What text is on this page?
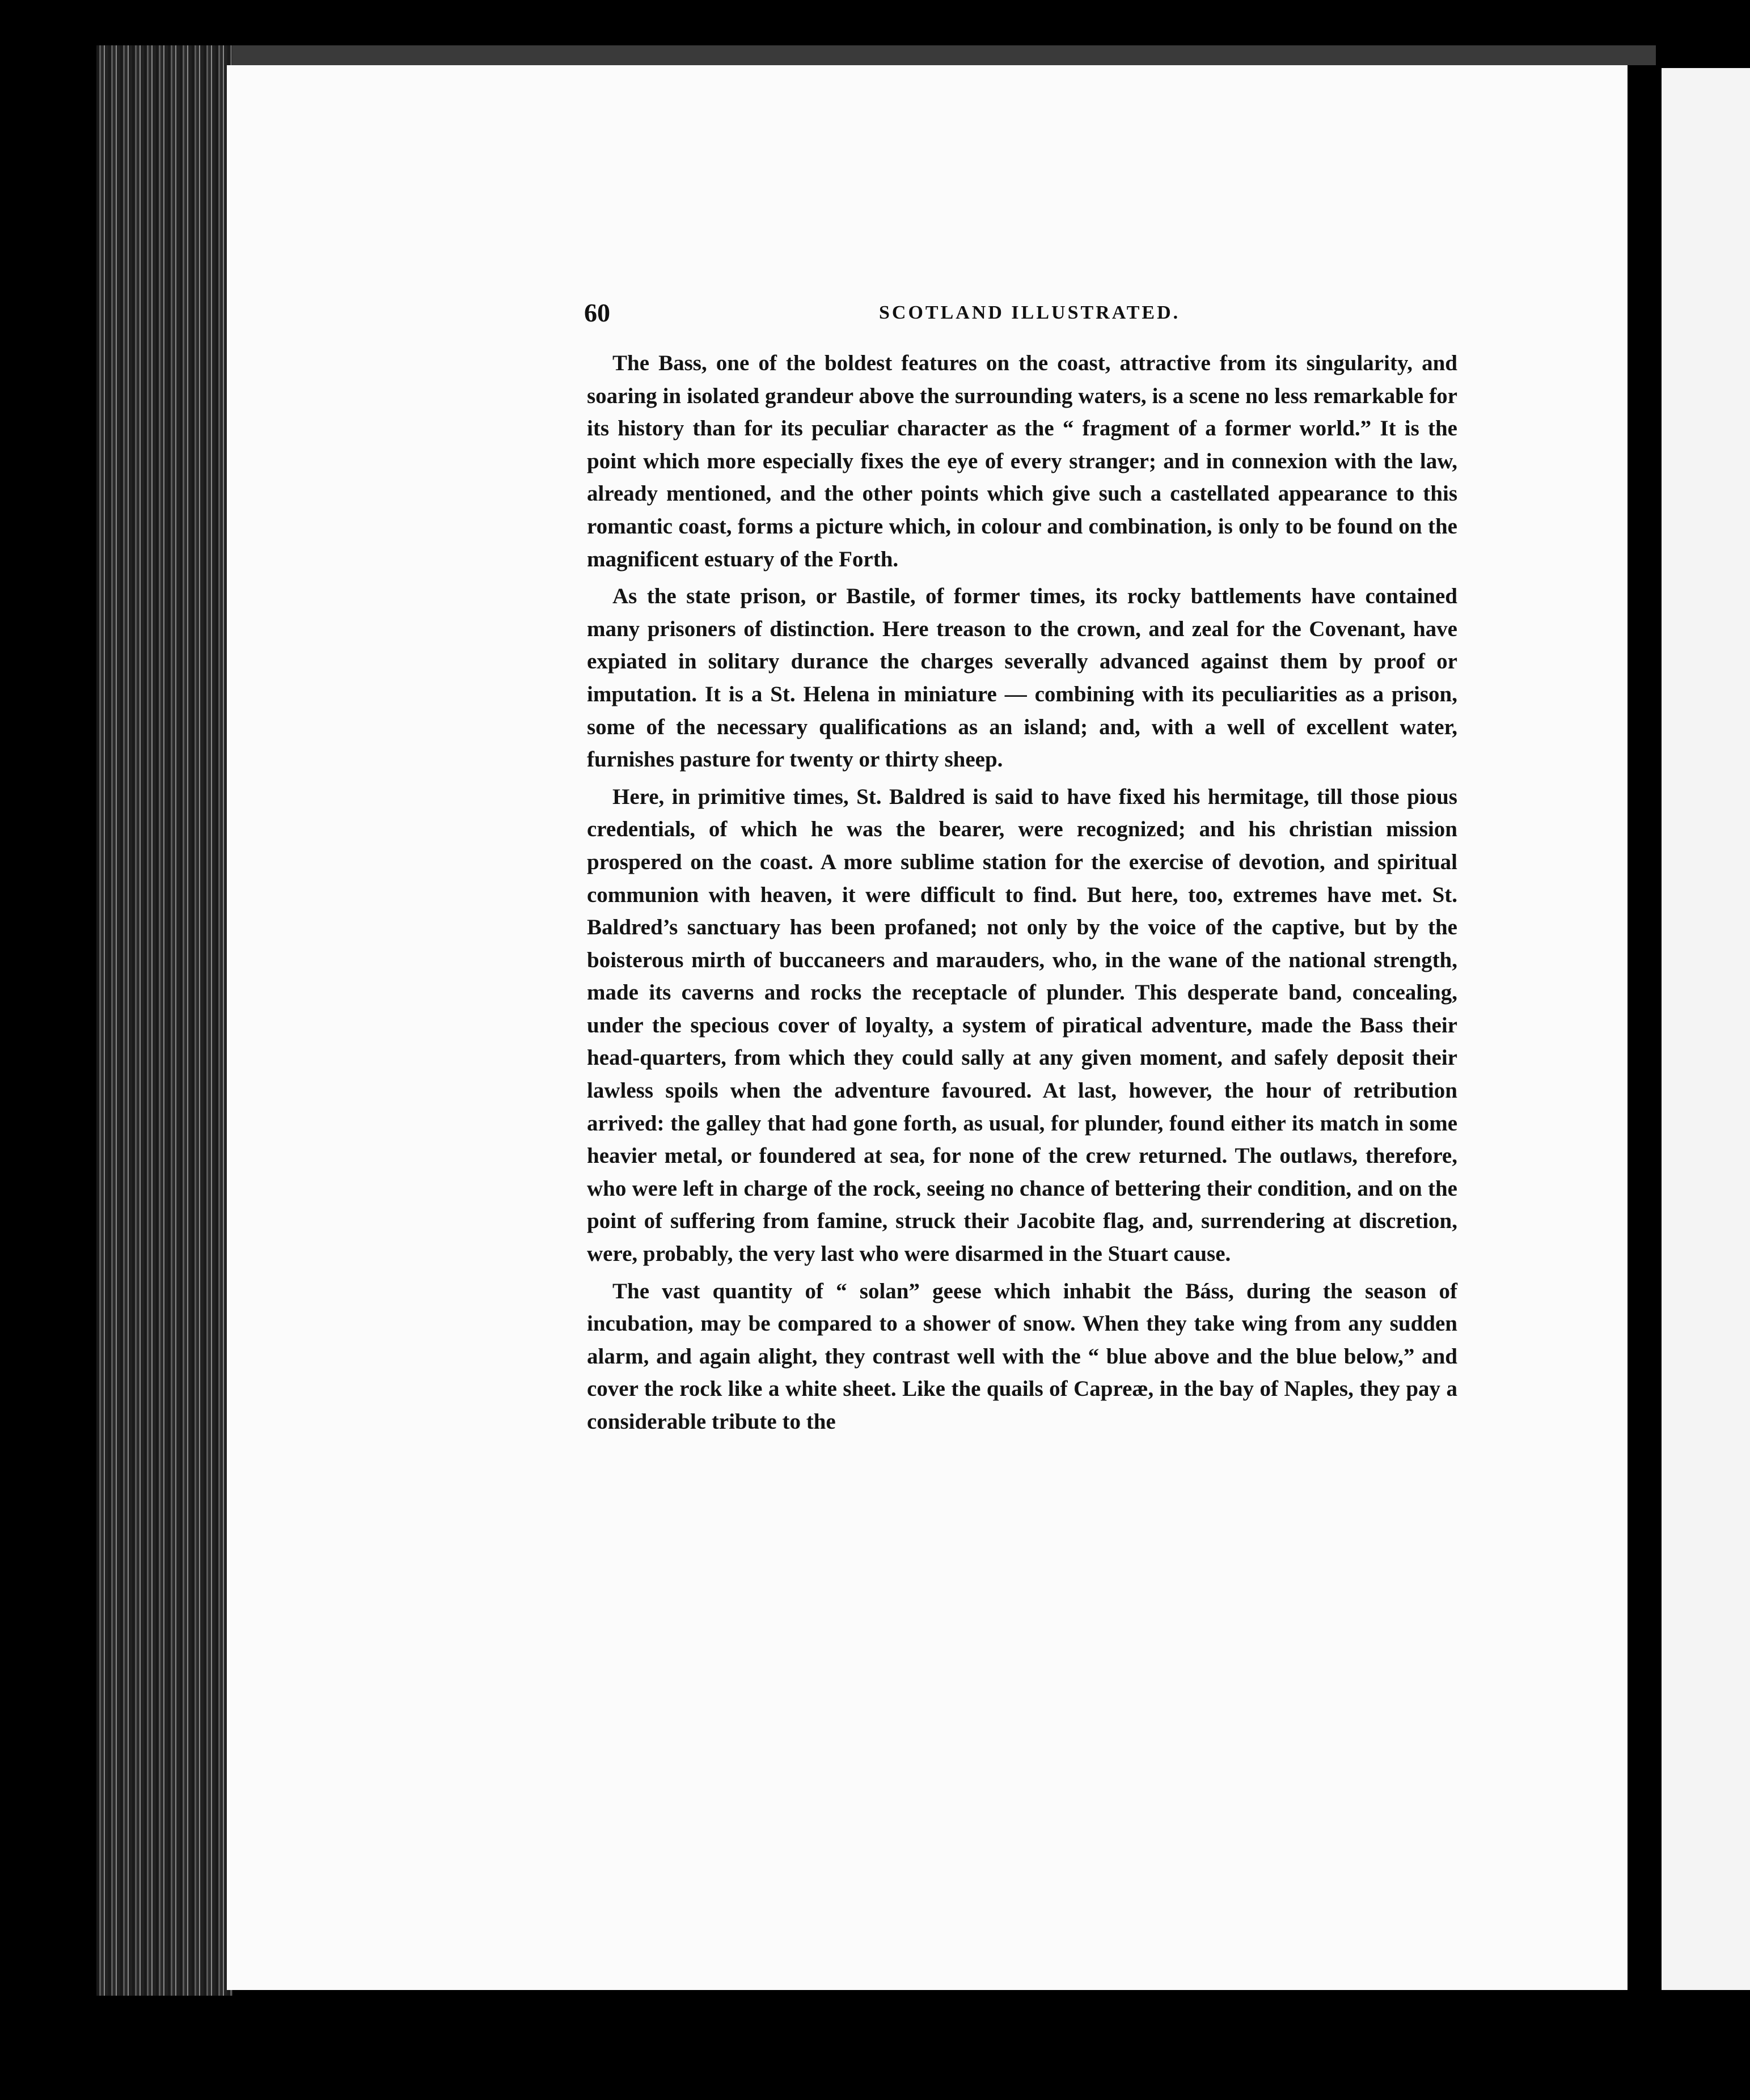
60	SCOTLAND ILLUSTRATED.

The Bass, one of the boldest features on the coast, attractive from its singularity, and soaring in isolated grandeur above the surrounding waters, is a scene no less remarkable for its history than for its peculiar character as the “ fragment of a former world.” It is the point which more especially fixes the eye of every stranger; and in connexion with the law, already mentioned, and the other points which give such a castellated appearance to this romantic coast, forms a picture which, in colour and combination, is only to be found on the magnificent estuary of the Forth.

As the state prison, or Bastile, of former times, its rocky battlements have contained many prisoners of distinction. Here treason to the crown, and zeal for the Covenant, have expiated in solitary durance the charges severally advanced against them by proof or imputation. It is a St. Helena in miniature — combining with its peculiarities as a prison, some of the necessary qualifications as an island; and, with a well of excellent water, furnishes pasture for twenty or thirty sheep.

Here, in primitive times, St. Baldred is said to have fixed his hermitage, till those pious credentials, of which he was the bearer, were recognized; and his christian mission prospered on the coast. A more sublime station for the exercise of devotion, and spiritual communion with heaven, it were difficult to find. But here, too, extremes have met. St. Baldred’s sanctuary has been profaned; not only by the voice of the captive, but by the boisterous mirth of buccaneers and marauders, who, in the wane of the national strength, made its caverns and rocks the receptacle of plunder. This desperate band, concealing, under the specious cover of loyalty, a system of piratical adventure, made the Bass their head-quarters, from which they could sally at any given moment, and safely deposit their lawless spoils when the adventure favoured. At last, however, the hour of retribution arrived: the galley that had gone forth, as usual, for plunder, found either its match in some heavier metal, or foundered at sea, for none of the crew returned. The outlaws, therefore, who were left in charge of the rock, seeing no chance of bettering their condition, and on the point of suffering from famine, struck their Jacobite flag, and, surrendering at discretion, were, probably, the very last who were disarmed in the Stuart cause.

The vast quantity of “ solan” geese which inhabit the Báss, during the season of incubation, may be compared to a shower of snow. When they take wing from any sudden alarm, and again alight, they contrast well with the “ blue above and the blue below,” and cover the rock like a white sheet. Like the quails of Capreæ, in the bay of Naples, they pay a considerable tribute to the
